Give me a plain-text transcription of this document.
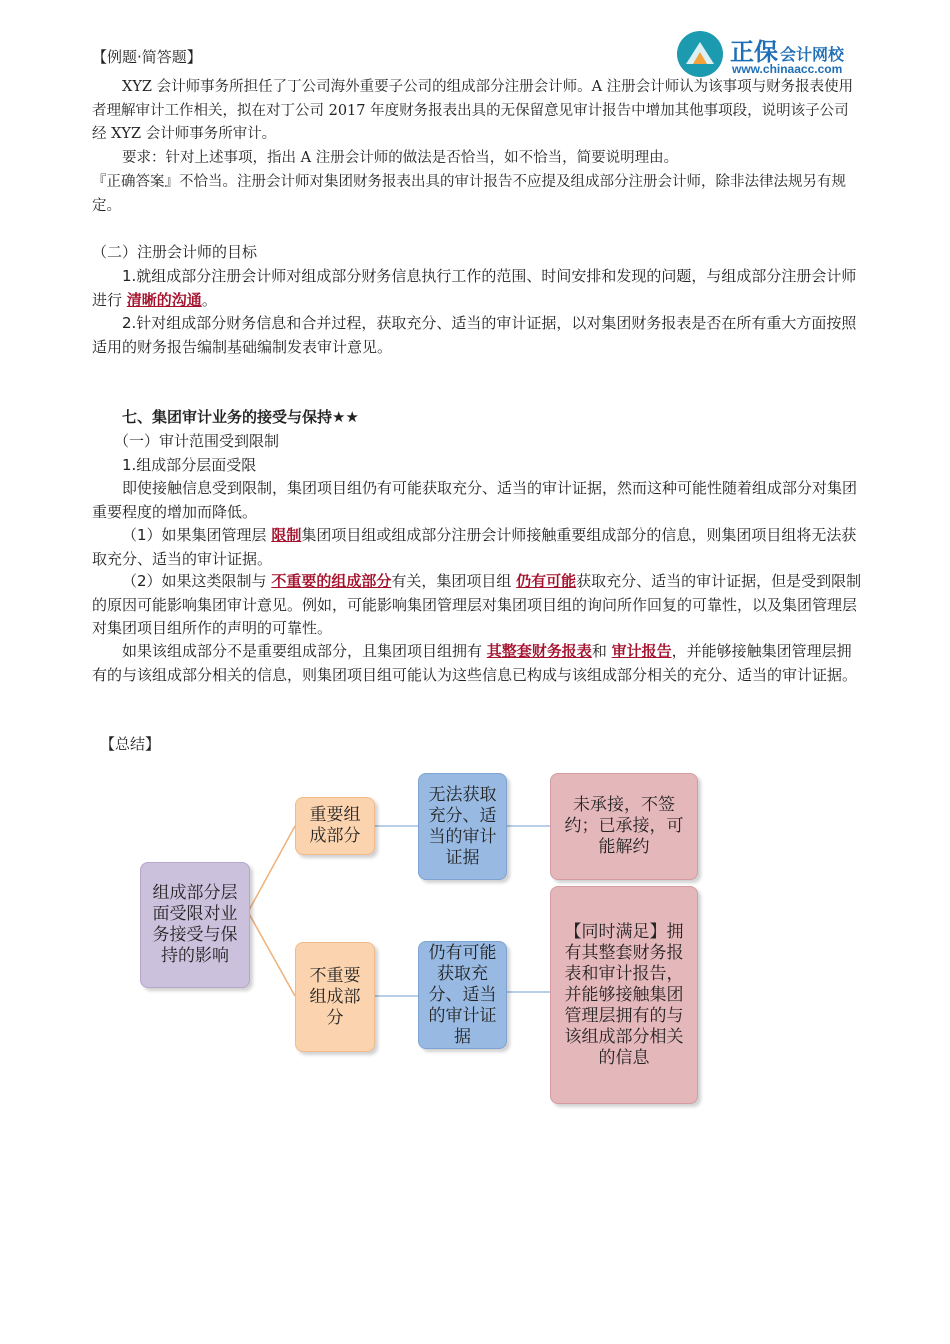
正保 会计网校
www.chinaacc.com
【例题·简答题】

XYZ 会计师事务所担任了丁公司海外重要子公司的组成部分注册会计师。A 注册会计师认为该事项与财务报表使用者理解审计工作相关，拟在对丁公司 2017 年度财务报表出具的无保留意见审计报告中增加其他事项段，说明该子公司经 XYZ 会计师事务所审计。

要求：针对上述事项，指出 A 注册会计师的做法是否恰当，如不恰当，简要说明理由。

『正确答案』不恰当。注册会计师对集团财务报表出具的审计报告不应提及组成部分注册会计师，除非法律法规另有规定。

（二）注册会计师的目标

1.就组成部分注册会计师对组成部分财务信息执行工作的范围、时间安排和发现的问题，与组成部分注册会计师进行 清晰的沟通。

2.针对组成部分财务信息和合并过程，获取充分、适当的审计证据，以对集团财务报表是否在所有重大方面按照适用的财务报告编制基础编制发表审计意见。

七、集团审计业务的接受与保持★★

（一）审计范围受到限制

1.组成部分层面受限

即使接触信息受到限制，集团项目组仍有可能获取充分、适当的审计证据，然而这种可能性随着组成部分对集团重要程度的增加而降低。

（1）如果集团管理层 限制集团项目组或组成部分注册会计师接触重要组成部分的信息，则集团项目组将无法获取充分、适当的审计证据。

（2）如果这类限制与 不重要的组成部分有关，集团项目组 仍有可能获取充分、适当的审计证据，但是受到限制的原因可能影响集团审计意见。例如，可能影响集团管理层对集团项目组的询问所作回复的可靠性，以及集团管理层对集团项目组所作的声明的可靠性。

如果该组成部分不是重要组成部分，且集团项目组拥有 其整套财务报表和 审计报告，并能够接触集团管理层拥有的与该组成部分相关的信息，则集团项目组可能认为这些信息已构成与该组成部分相关的充分、适当的审计证据。

【总结】

组成部分层面受限对业务接受与保持的影响
重要组成部分
不重要组成部分
无法获取充分、适当的审计证据
仍有可能获取充分、适当的审计证据
未承接，不签约；已承接，可能解约
【同时满足】拥有其整套财务报表和审计报告，并能够接触集团管理层拥有的与该组成部分相关的信息
